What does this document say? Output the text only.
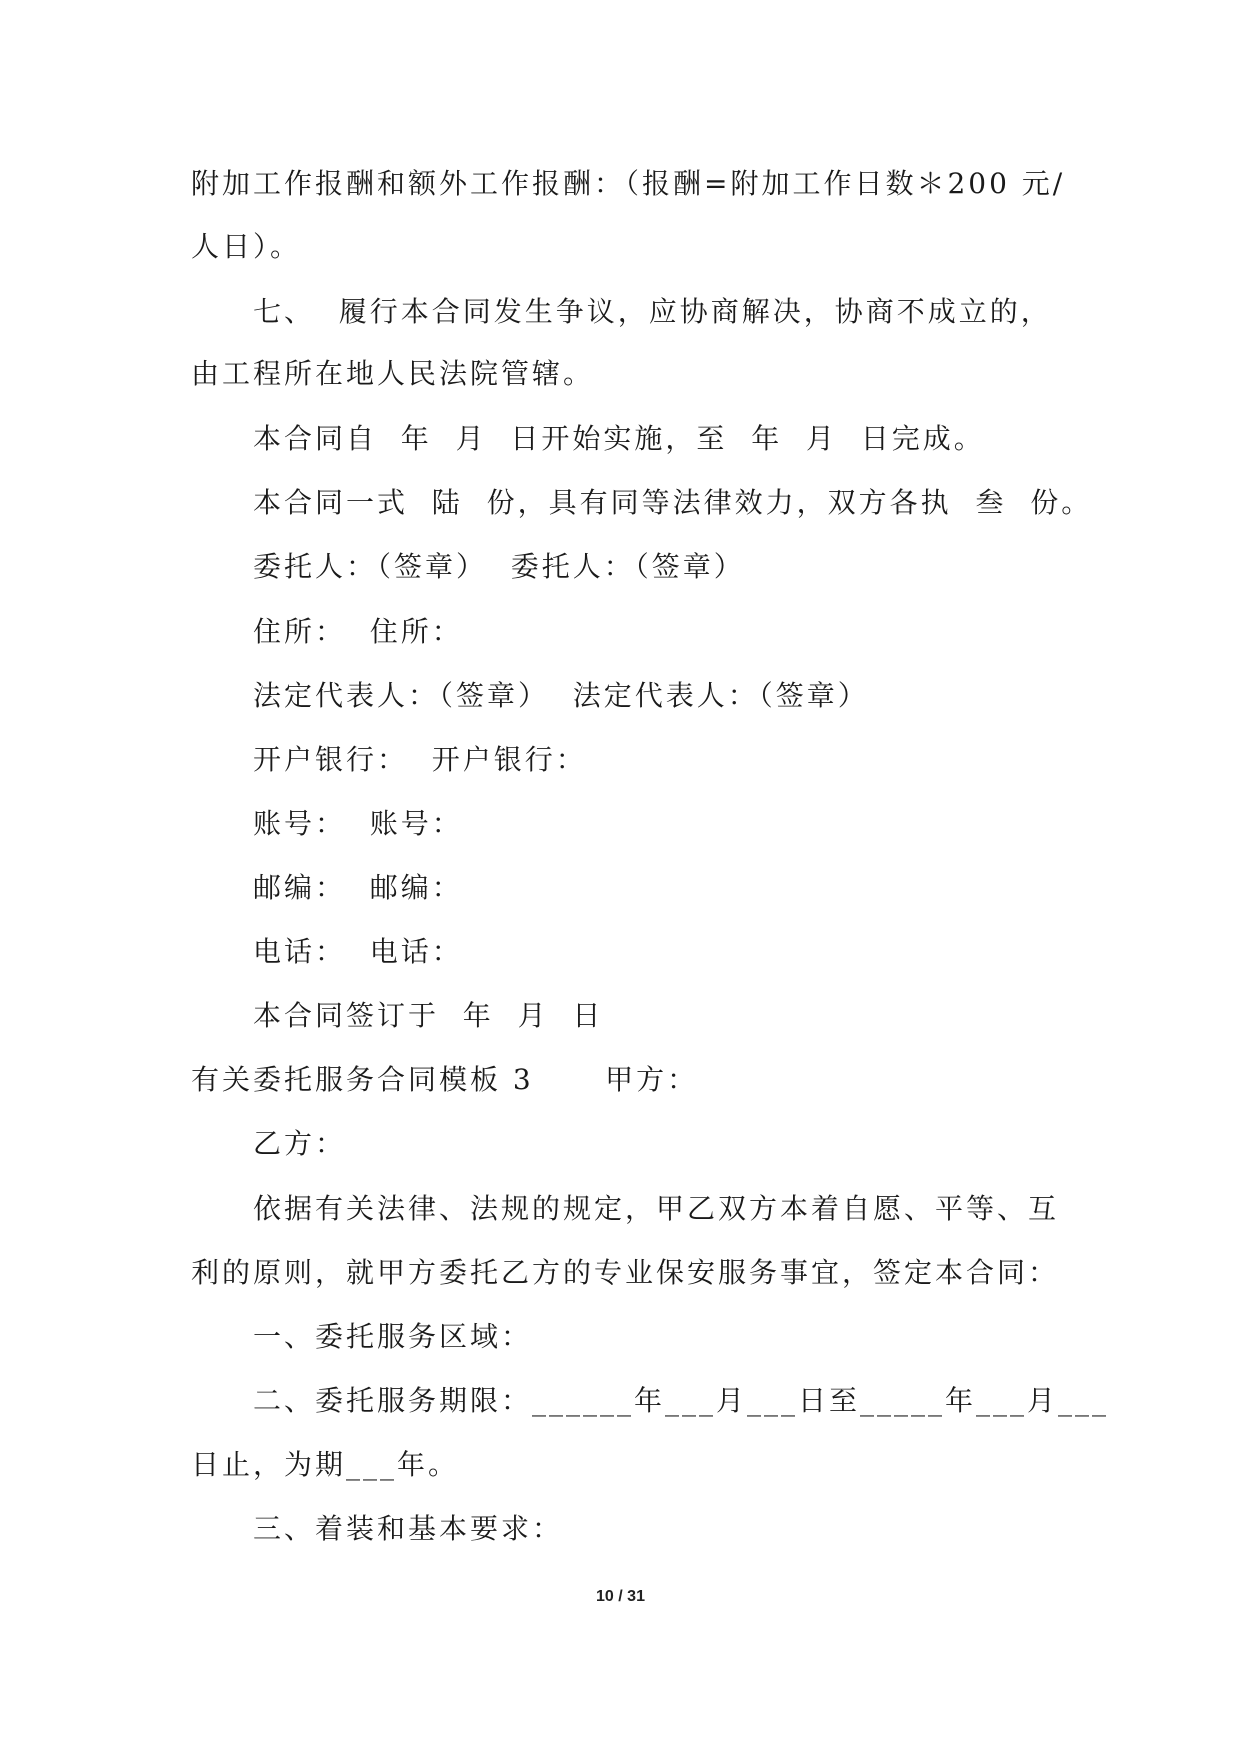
附加工作报酬和额外工作报酬：（报酬=附加工作日数＊200 元/
人日）。
七、  履行本合同发生争议，应协商解决，协商不成立的，
由工程所在地人民法院管辖。
本合同自  年  月  日开始实施，至  年  月  日完成。
本合同一式  陆  份，具有同等法律效力，双方各执  叁  份。
委托人：（签章）  委托人：（签章）
住所：  住所：
法定代表人：（签章）  法定代表人：（签章）
开户银行：  开户银行：
账号：  账号：
邮编：  邮编：
电话：  电话：
本合同签订于  年  月  日
有关委托服务合同模板 3      甲方：
乙方：
依据有关法律、法规的规定，甲乙双方本着自愿、平等、互
利的原则，就甲方委托乙方的专业保安服务事宜，签定本合同：
一、委托服务区域：
二、委托服务期限：______年___月___日至_____年___月___
日止，为期___年。
三、着装和基本要求：
10 / 31
